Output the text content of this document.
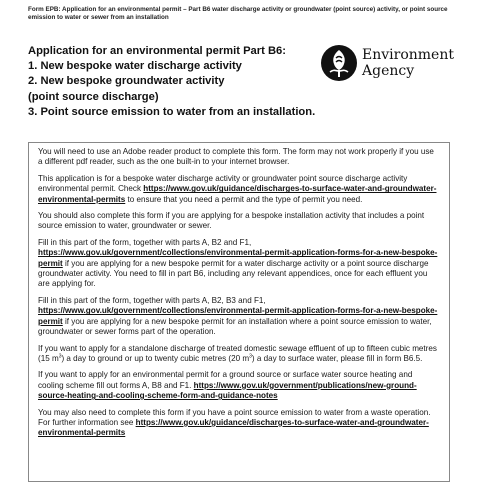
Form EPB: Application for an environmental permit – Part B6 water discharge activity or groundwater (point source) activity, or point source emission to water or sewer from an installation
Application for an environmental permit Part B6:
1. New bespoke water discharge activity
2. New bespoke groundwater activity
(point source discharge)
3. Point source emission to water from an installation.
Environment
Agency

You will need to use an Adobe reader product to complete this form. The form may not work properly if you use a different pdf reader, such as the one built-in to your internet browser.

This application is for a bespoke water discharge activity or groundwater point source discharge activity environmental permit. Check https://www.gov.uk/guidance/discharges-to-surface-water-and-groundwater-environmental-permits to ensure that you need a permit and the type of permit you need.

You should also complete this form if you are applying for a bespoke installation activity that includes a point source emission to water, groundwater or sewer.

Fill in this part of the form, together with parts A, B2 and F1, https://www.gov.uk/government/collections/environmental-permit-application-forms-for-a-new-bespoke-permit if you are applying for a new bespoke permit for a water discharge activity or a point source discharge groundwater activity. You need to fill in part B6, including any relevant appendices, once for each effluent you are applying for.

Fill in this part of the form, together with parts A, B2, B3 and F1, https://www.gov.uk/government/collections/environmental-permit-application-forms-for-a-new-bespoke-permit if you are applying for a new bespoke permit for an installation where a point source emission to water, groundwater or sewer forms part of the operation.

If you want to apply for a standalone discharge of treated domestic sewage effluent of up to fifteen cubic metres (15 $m^3$) a day to ground or up to twenty cubic metres (20 $m^3$) a day to surface water, please fill in form B6.5.

If you want to apply for an environmental permit for a ground source or surface water source heating and cooling scheme fill out forms A, B8 and F1. https://www.gov.uk/government/publications/new-ground-source-heating-and-cooling-scheme-form-and-guidance-notes

You may also need to complete this form if you have a point source emission to water from a waste operation. For further information see https://www.gov.uk/guidance/discharges-to-surface-water-and-groundwater-environmental-permits
